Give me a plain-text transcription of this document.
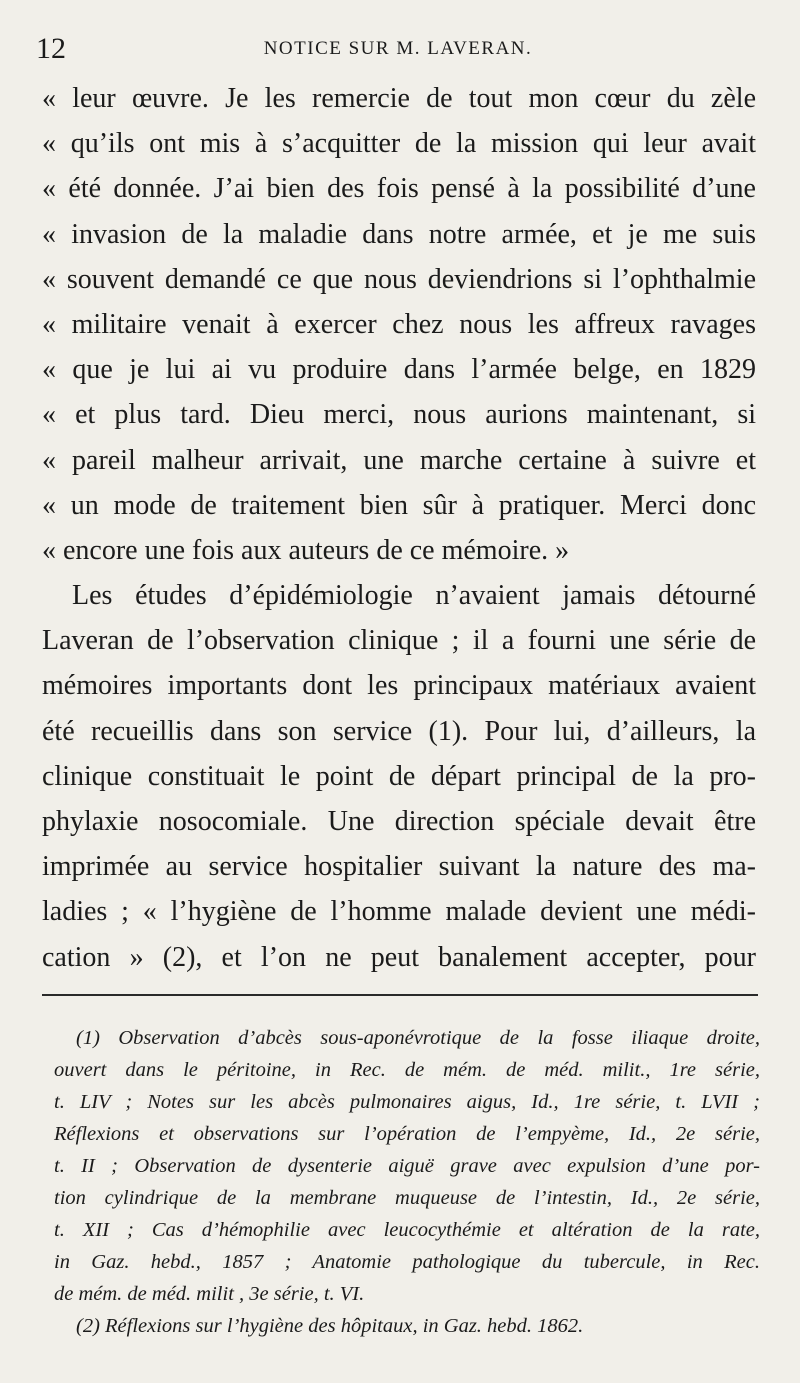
12	NOTICE SUR M. LAVERAN.
« leur œuvre. Je les remercie de tout mon cœur du zèle
« qu’ils ont mis à s’acquitter de la mission qui leur avait
« été donnée. J’ai bien des fois pensé à la possibilité d’une
« invasion de la maladie dans notre armée, et je me suis
« souvent demandé ce que nous deviendrions si l’ophthalmie
« militaire venait à exercer chez nous les affreux ravages
« que je lui ai vu produire dans l’armée belge, en 1829
« et plus tard. Dieu merci, nous aurions maintenant, si
« pareil malheur arrivait, une marche certaine à suivre et
« un mode de traitement bien sûr à pratiquer. Merci donc
« encore une fois aux auteurs de ce mémoire. »
Les études d’épidémiologie n’avaient jamais détourné
Laveran de l’observation clinique ; il a fourni une série de
mémoires importants dont les principaux matériaux avaient
été recueillis dans son service (1). Pour lui, d’ailleurs, la
clinique constituait le point de départ principal de la pro-
phylaxie nosocomiale. Une direction spéciale devait être
imprimée au service hospitalier suivant la nature des ma-
ladies ; « l’hygiène de l’homme malade devient une médi-
cation » (2), et l’on ne peut banalement accepter, pour
(1) Observation d’abcès sous-aponévrotique de la fosse iliaque droite,
ouvert dans le péritoine, in Rec. de mém. de méd. milit., 1re série,
t. LIV ; Notes sur les abcès pulmonaires aigus, Id., 1re série, t. LVII ;
Réflexions et observations sur l’opération de l’empyème, Id., 2e série,
t. II ; Observation de dysenterie aiguë grave avec expulsion d’une por-
tion cylindrique de la membrane muqueuse de l’intestin, Id., 2e série,
t. XII ; Cas d’hémophilie avec leucocythémie et altération de la rate,
in Gaz. hebd., 1857 ; Anatomie pathologique du tubercule, in Rec.
de mém. de méd. milit , 3e série, t. VI.
(2) Réflexions sur l’hygiène des hôpitaux, in Gaz. hebd. 1862.
